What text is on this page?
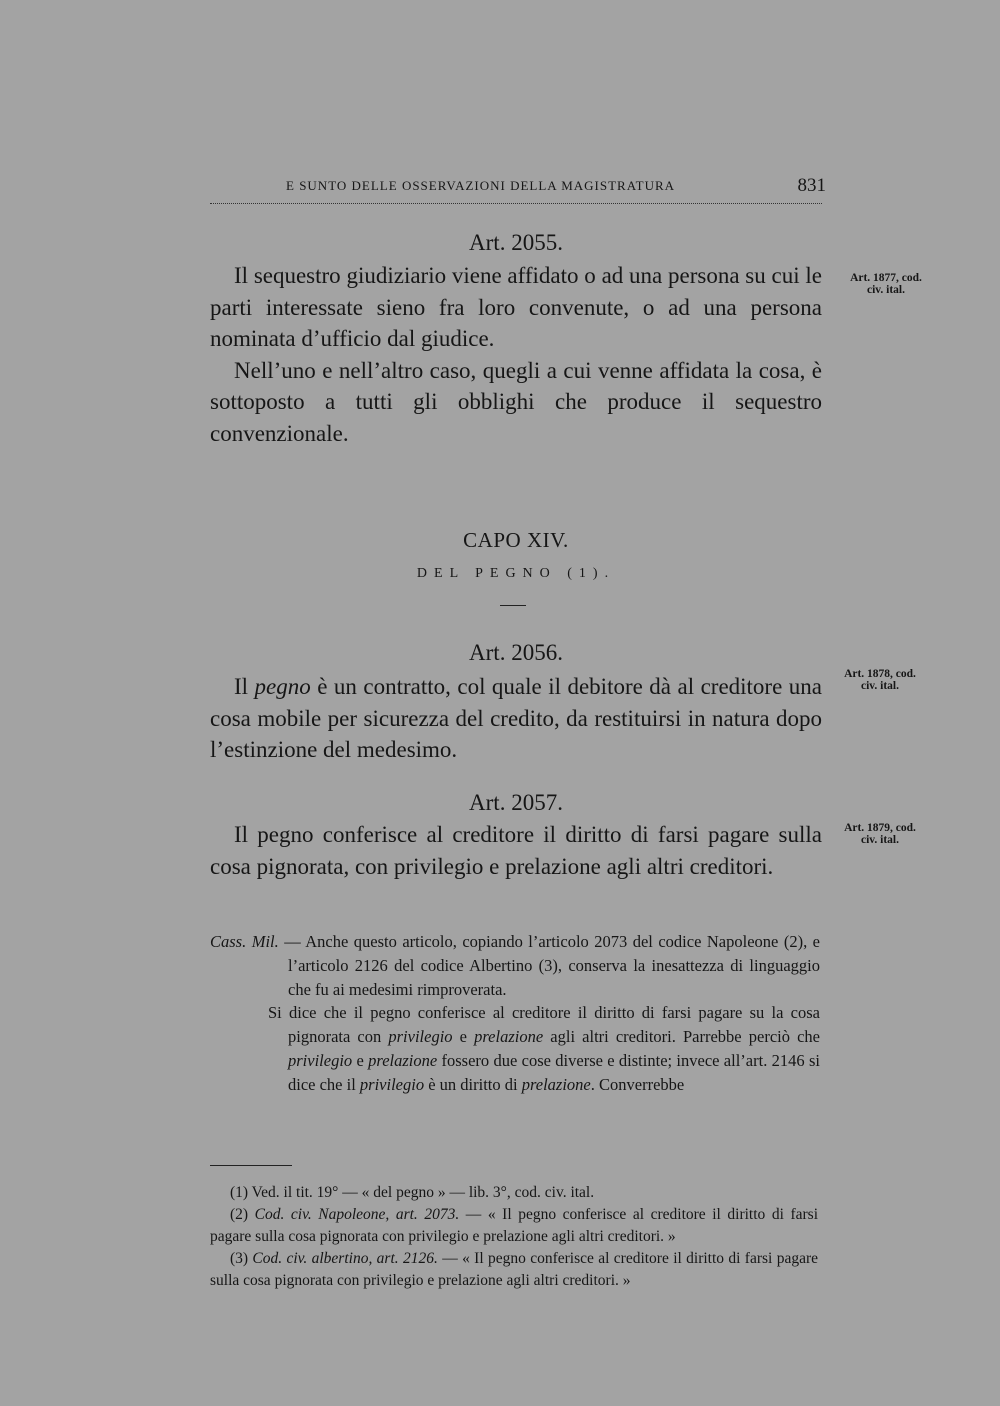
E SUNTO DELLE OSSERVAZIONI DELLA MAGISTRATURA	831
Art. 2055.
Il sequestro giudiziario viene affidato o ad una persona su cui le parti interessate sieno fra loro convenute, o ad una persona nominata d’ufficio dal giudice.
Nell’uno e nell’altro caso, quegli a cui venne affidata la cosa, è sottoposto a tutti gli obblighi che produce il sequestro convenzionale.
Art. 1877, cod.
civ. ital.
CAPO XIV.
DEL PEGNO (1).
Art. 2056.
Il pegno è un contratto, col quale il debitore dà al creditore una cosa mobile per sicurezza del credito, da restituirsi in natura dopo l’estinzione del medesimo.
Art. 1878, cod.
civ. ital.
Art. 2057.
Il pegno conferisce al creditore il diritto di farsi pagare sulla cosa pignorata, con privilegio e prelazione agli altri creditori.
Art. 1879, cod.
civ. ital.

Cass. Mil. — Anche questo articolo, copiando l’articolo 2073 del codice Napoleone (2), e l’articolo 2126 del codice Albertino (3), conserva la inesattezza di linguaggio che fu ai medesimi rimproverata.

Si dice che il pegno conferisce al creditore il diritto di farsi pagare su la cosa pignorata con privilegio e prelazione agli altri creditori. Parrebbe perciò che privilegio e prelazione fossero due cose diverse e distinte; invece all’art. 2146 si dice che il privilegio è un diritto di prelazione. Converrebbe

(1) Ved. il tit. 19° — « del pegno » — lib. 3°, cod. civ. ital.

(2) Cod. civ. Napoleone, art. 2073. — « Il pegno conferisce al creditore il diritto di farsi pagare sulla cosa pignorata con privilegio e prelazione agli altri creditori. »

(3) Cod. civ. albertino, art. 2126. — « Il pegno conferisce al creditore il diritto di farsi pagare sulla cosa pignorata con privilegio e prelazione agli altri creditori. »
